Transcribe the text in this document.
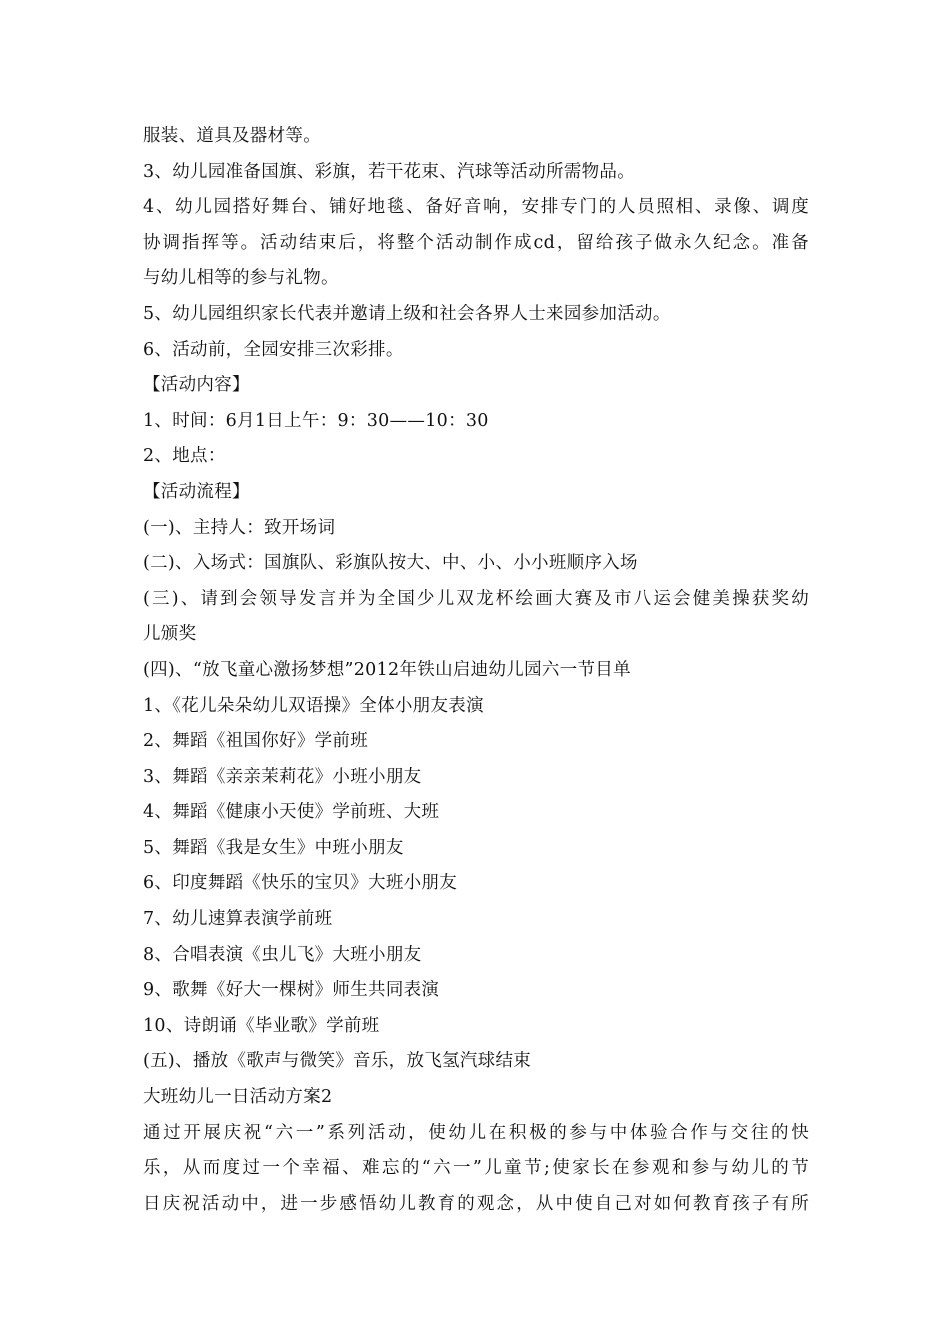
服装、道具及器材等。
3、幼儿园准备国旗、彩旗，若干花束、汽球等活动所需物品。
4、幼儿园搭好舞台、铺好地毯、备好音响，安排专门的人员照相、录像、调度
协调指挥等。活动结束后，将整个活动制作成cd，留给孩子做永久纪念。准备
与幼儿相等的参与礼物。
5、幼儿园组织家长代表并邀请上级和社会各界人士来园参加活动。
6、活动前，全园安排三次彩排。
【活动内容】
1、时间：6月1日上午：9：30——10：30
2、地点：
【活动流程】
(一)、主持人：致开场词
(二)、入场式：国旗队、彩旗队按大、中、小、小小班顺序入场
(三)、请到会领导发言并为全国少儿双龙杯绘画大赛及市八运会健美操获奖幼
儿颁奖
(四)、“放飞童心激扬梦想”2012年铁山启迪幼儿园六一节目单
1、《花儿朵朵幼儿双语操》全体小朋友表演
2、舞蹈《祖国你好》学前班
3、舞蹈《亲亲茉莉花》小班小朋友
4、舞蹈《健康小天使》学前班、大班
5、舞蹈《我是女生》中班小朋友
6、印度舞蹈《快乐的宝贝》大班小朋友
7、幼儿速算表演学前班
8、合唱表演《虫儿飞》大班小朋友
9、歌舞《好大一棵树》师生共同表演
10、诗朗诵《毕业歌》学前班
(五)、播放《歌声与微笑》音乐，放飞氢汽球结束
大班幼儿一日活动方案2
通过开展庆祝“六一”系列活动，使幼儿在积极的参与中体验合作与交往的快
乐，从而度过一个幸福、难忘的“六一”儿童节;使家长在参观和参与幼儿的节
日庆祝活动中，进一步感悟幼儿教育的观念，从中使自己对如何教育孩子有所
